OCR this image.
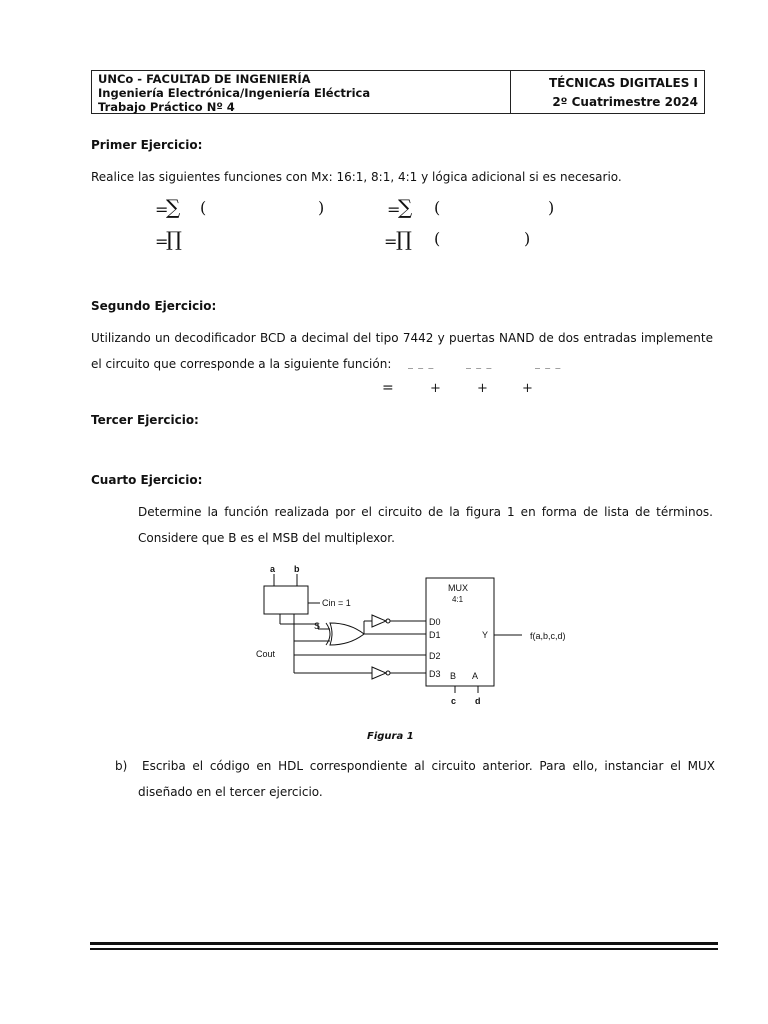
UNCo - FACULTAD DE INGENIERÍA
Ingeniería Electrónica/Ingeniería Eléctrica
Trabajo Práctico Nº 4
TÉCNICAS DIGITALES I
2º Cuatrimestre 2024
Primer Ejercicio:
Realice las siguientes funciones con Mx: 16:1, 8:1, 4:1 y lógica adicional si es necesario.
=
∑ (	)	=
∑ (	)
=
∏	=
∏ (	)
Segundo Ejercicio:
Utilizando un decodificador BCD a decimal del tipo 7442 y puertas NAND de dos entradas implemente el circuito que corresponde a la siguiente función:
=
‾ ‾ ‾
+
‾ ‾ ‾
+
‾ ‾ ‾
+
Tercer Ejercicio:
Cuarto Ejercicio:
Determine la función realizada por el circuito de la figura 1 en forma de lista de términos. Considere que B es el MSB del multiplexor.
a b
Cin = 1
S
Cout
MUX
4:1
D0
D1
D2
D3
Y
B A
c d
f(a,b,c,d)
Figura 1
b)	Escriba el código en HDL correspondiente al circuito anterior. Para ello, instanciar el MUX diseñado en el tercer ejercicio.
